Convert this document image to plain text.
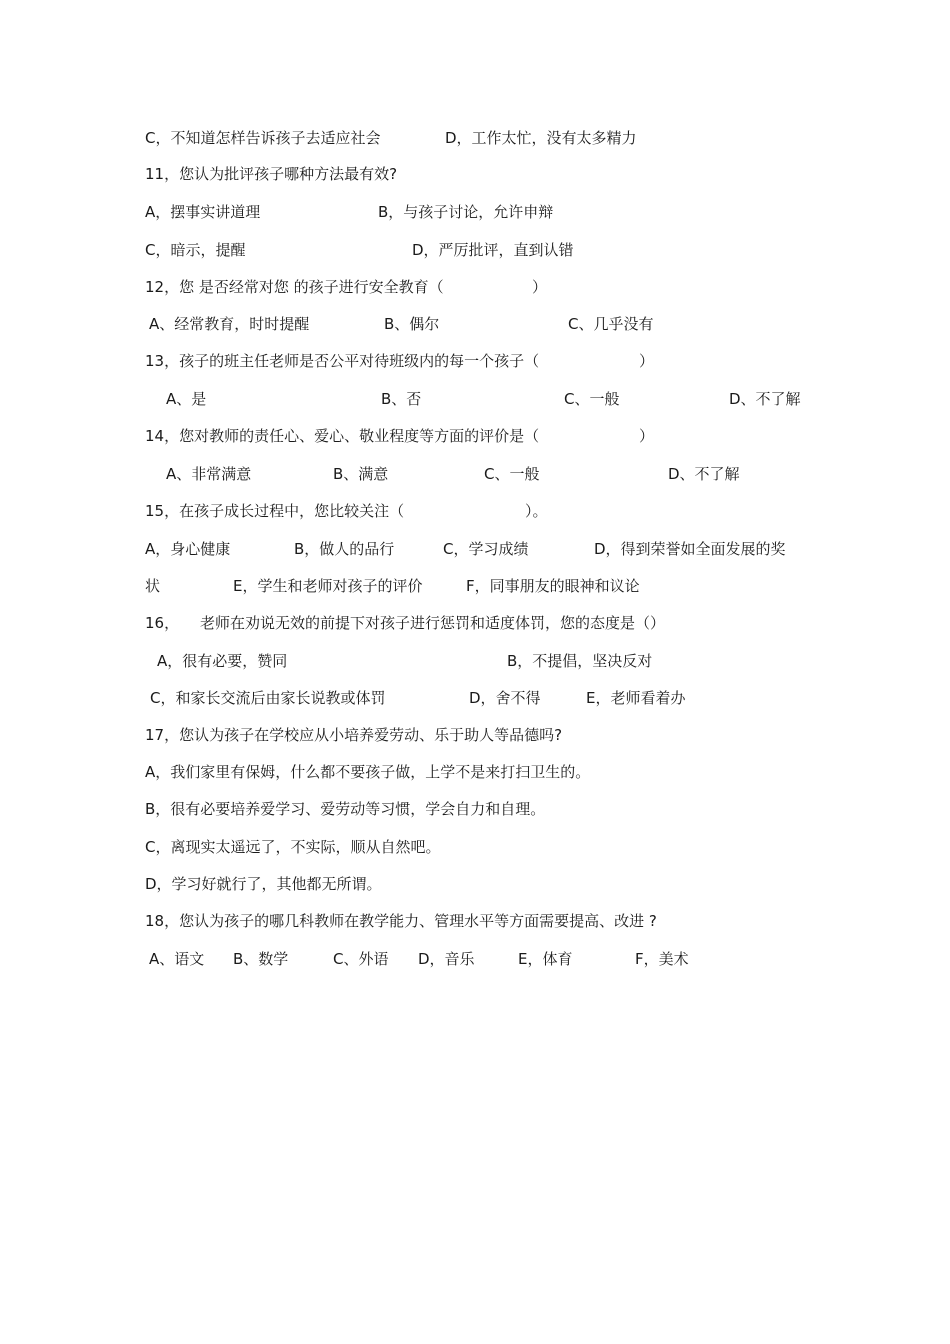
C，不知道怎样告诉孩子去适应社会	D，工作太忙，没有太多精力
11，您认为批评孩子哪种方法最有效?
A，摆事实讲道理	B，与孩子讨论，允许申辩
C，暗示，提醒	D，严厉批评，直到认错
12，您 是否经常对您 的孩子进行安全教育（	）
A、经常教育，时时提醒	B、偶尔	C、几乎没有
13，孩子的班主任老师是否公平对待班级内的每一个孩子（	）
A、是	B、否	C、一般	D、不了解
14，您对教师的责任心、爱心、敬业程度等方面的评价是（	）
A、非常满意	B、满意	C、一般	D、不了解
15，在孩子成长过程中，您比较关注（	）。
A，身心健康	B，做人的品行	C，学习成绩	D，得到荣誉如全面发展的奖
状	E，学生和老师对孩子的评价	F，同事朋友的眼神和议论
16， 老师在劝说无效的前提下对孩子进行惩罚和适度体罚，您的态度是（）
A，很有必要，赞同	B，不提倡，坚决反对
C，和家长交流后由家长说教或体罚	D，舍不得	E，老师看着办
17，您认为孩子在学校应从小培养爱劳动、乐于助人等品德吗?
A，我们家里有保姆，什么都不要孩子做，上学不是来打扫卫生的。
B，很有必要培养爱学习、爱劳动等习惯，学会自力和自理。
C，离现实太遥远了，不实际，顺从自然吧。
D，学习好就行了，其他都无所谓。
18，您认为孩子的哪几科教师在教学能力、管理水平等方面需要提高、改进 ?
A、语文 B、数学	C、外语 D，音乐	E，体育	F，美术
